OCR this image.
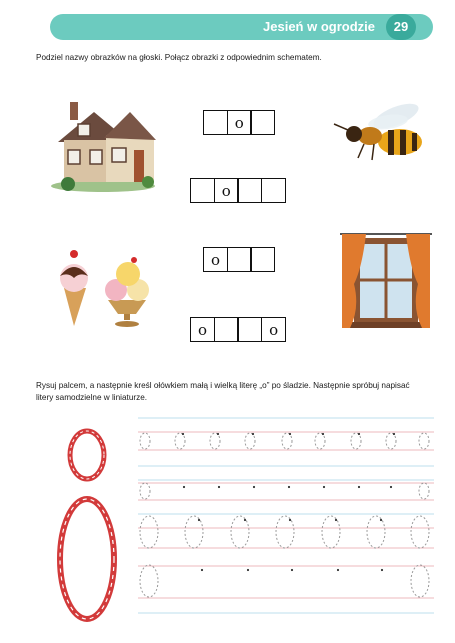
Jesień w ogrodzie	29
Podziel nazwy obrazków na głoski. Połącz obrazki z odpowiednim schematem.
o
o
o
o	o
Rysuj palcem, a następnie kreśl ołówkiem małą i wielką literę „o” po śladzie. Następnie spróbuj napisać litery samodzielne w liniaturze.
